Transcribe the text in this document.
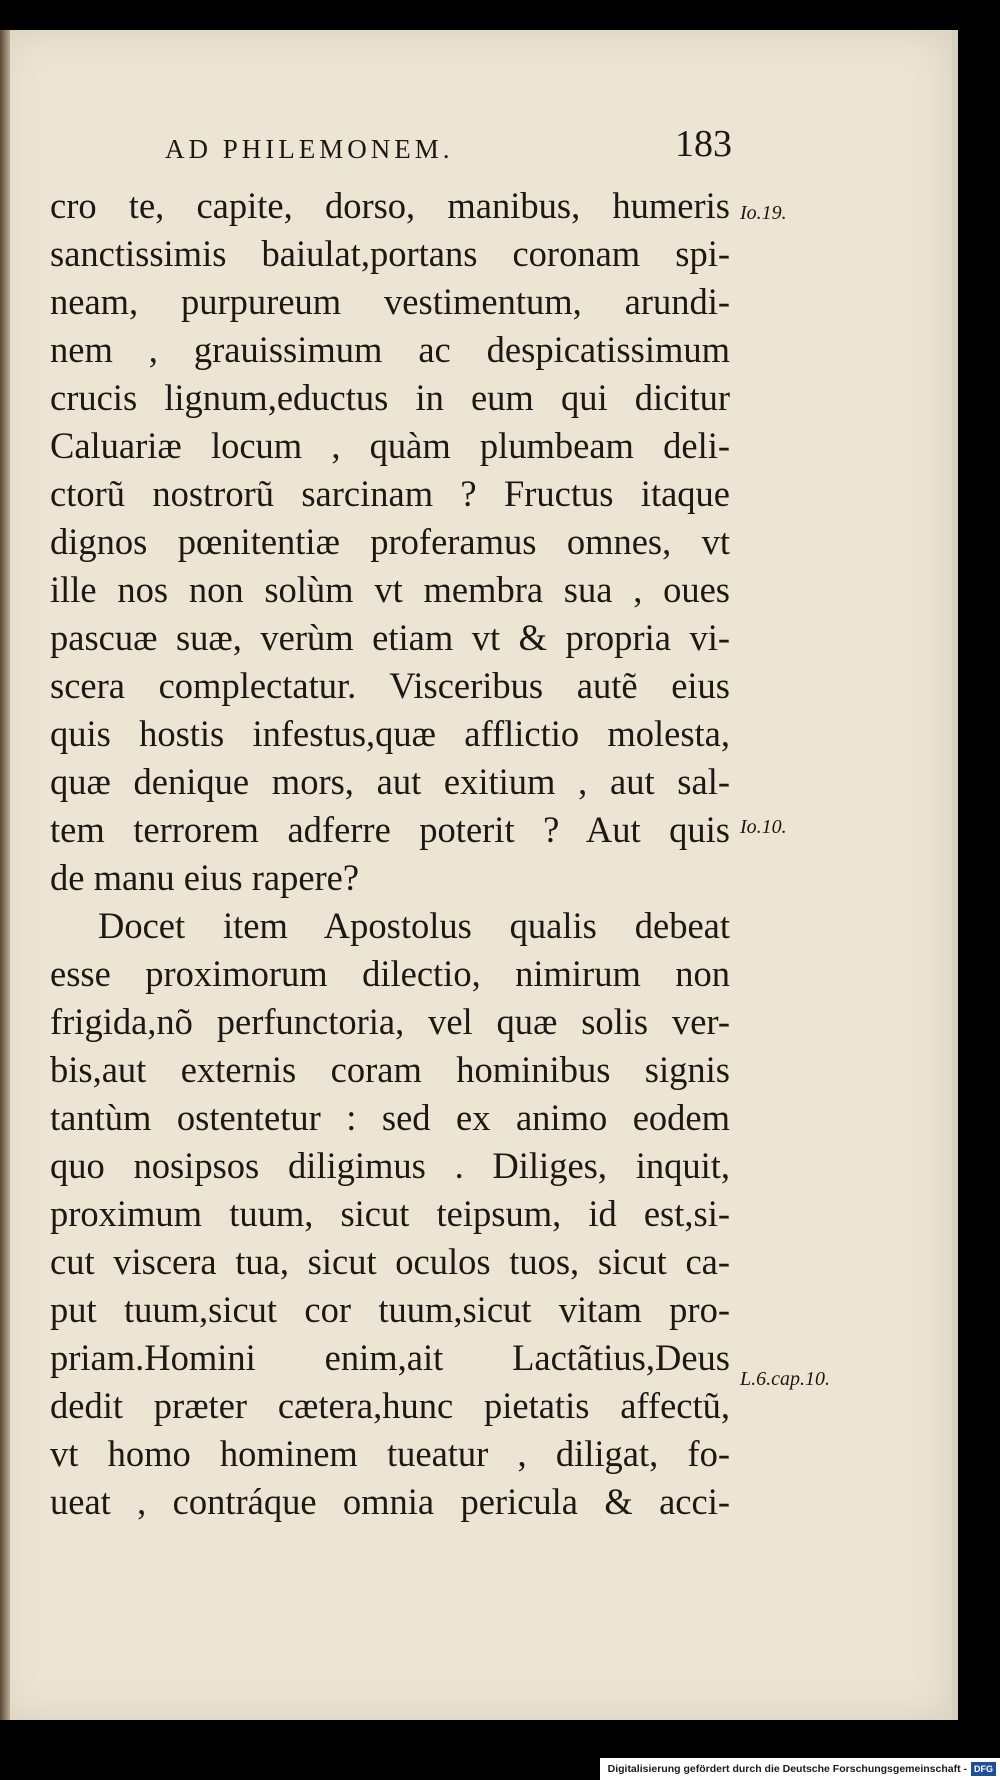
AD PHILEMONEM.	183
cro te, capite, dorso, manibus, humeris
sanctissimis baiulat,portans coronam spi-
neam, purpureum vestimentum, arundi-
nem , grauissimum ac despicatissimum
crucis lignum,eductus in eum qui dicitur
Caluariæ locum , quàm plumbeam deli-
ctorũ nostrorũ sarcinam ? Fructus itaque
dignos pœnitentiæ proferamus omnes, vt
ille nos non solùm vt membra sua , oues
pascuæ suæ, verùm etiam vt & propria vi-
scera complectatur. Visceribus autẽ eius
quis hostis infestus,quæ afflictio molesta,
quæ denique mors, aut exitium , aut sal-
tem terrorem adferre poterit ? Aut quis
de manu eius rapere?
Docet item Apostolus qualis debeat
esse proximorum dilectio, nimirum non
frigida,nõ perfunctoria, vel quæ solis ver-
bis,aut externis coram hominibus signis
tantùm ostentetur : sed ex animo eodem
quo nosipsos diligimus . Diliges, inquit,
proximum tuum, sicut teipsum, id est,si-
cut viscera tua, sicut oculos tuos, sicut ca-
put tuum,sicut cor tuum,sicut vitam pro-
priam.Homini enim,ait Lactãtius,Deus
dedit præter cætera,hunc pietatis affectũ,
vt homo hominem tueatur , diligat, fo-
ueat , contráque omnia pericula & acci-
Io.19.
Io.10.
L.6.cap.10.
Digitalisierung gefördert durch die Deutsche Forschungsgemeinschaft - DFG
